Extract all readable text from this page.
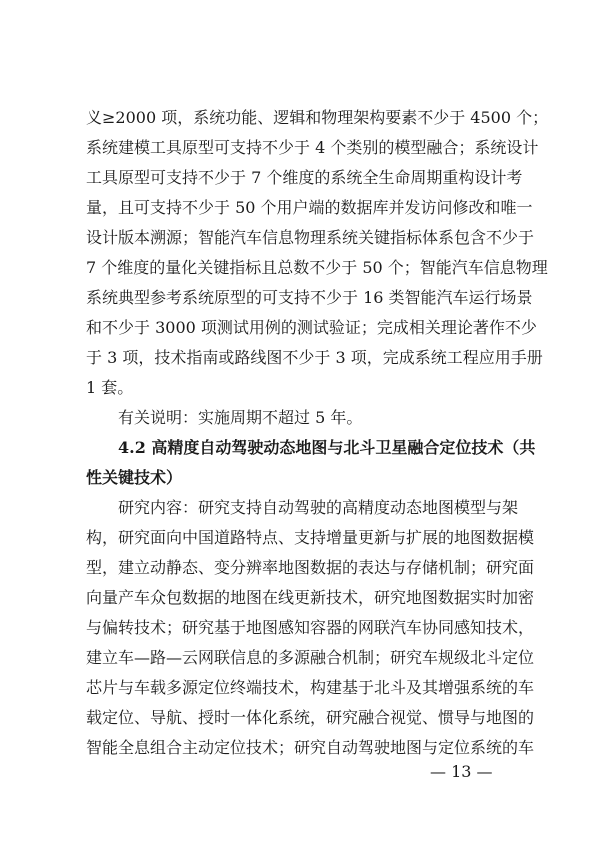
义≥2000 项，系统功能、逻辑和物理架构要素不少于 4500 个；
系统建模工具原型可支持不少于 4 个类别的模型融合；系统设计
工具原型可支持不少于 7 个维度的系统全生命周期重构设计考
量，且可支持不少于 50 个用户端的数据库并发访问修改和唯一
设计版本溯源；智能汽车信息物理系统关键指标体系包含不少于
7 个维度的量化关键指标且总数不少于 50 个；智能汽车信息物理
系统典型参考系统原型的可支持不少于 16 类智能汽车运行场景
和不少于 3000 项测试用例的测试验证；完成相关理论著作不少
于 3 项，技术指南或路线图不少于 3 项，完成系统工程应用手册
1 套。
有关说明：实施周期不超过 5 年。
4.2 高精度自动驾驶动态地图与北斗卫星融合定位技术（共
性关键技术）
研究内容：研究支持自动驾驶的高精度动态地图模型与架
构，研究面向中国道路特点、支持增量更新与扩展的地图数据模
型，建立动静态、变分辨率地图数据的表达与存储机制；研究面
向量产车众包数据的地图在线更新技术，研究地图数据实时加密
与偏转技术；研究基于地图感知容器的网联汽车协同感知技术，
建立车—路—云网联信息的多源融合机制；研究车规级北斗定位
芯片与车载多源定位终端技术，构建基于北斗及其增强系统的车
载定位、导航、授时一体化系统，研究融合视觉、惯导与地图的
智能全息组合主动定位技术；研究自动驾驶地图与定位系统的车
— 13 —
